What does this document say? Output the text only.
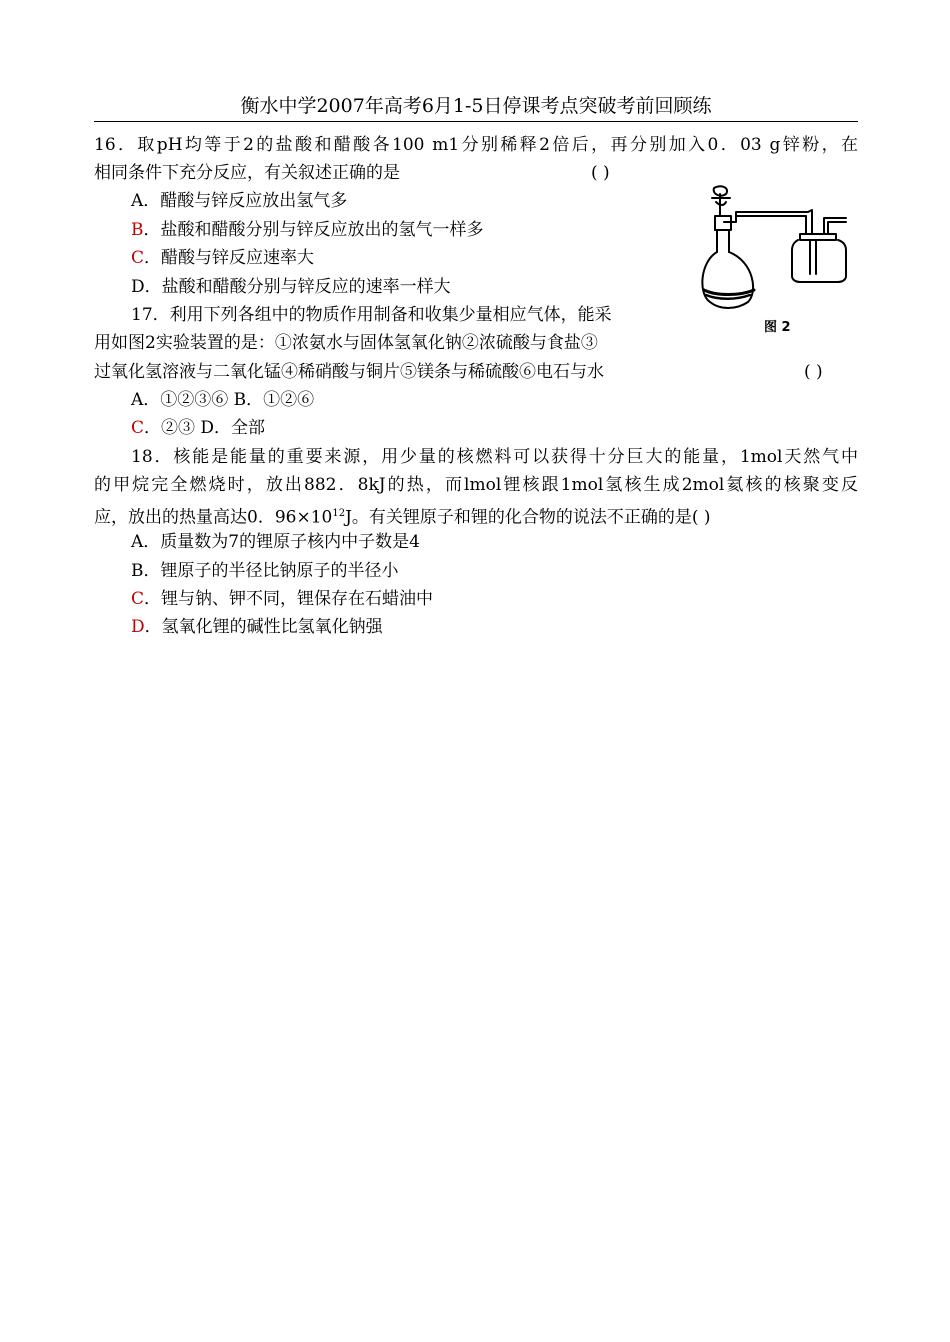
衡水中学2007年高考6月1-5日停课考点突破考前回顾练
16．取pH均等于2的盐酸和醋酸各100 m1分别稀释2倍后，再分别加入0．03 g锌粉，在
相同条件下充分反应，有关叙述正确的是	( )
A．醋酸与锌反应放出氢气多
B．盐酸和醋酸分别与锌反应放出的氢气一样多
C．醋酸与锌反应速率大
D．盐酸和醋酸分别与锌反应的速率一样大
图 2
17．利用下列各组中的物质作用制备和收集少量相应气体，能采
用如图2实验装置的是：①浓氨水与固体氢氧化钠②浓硫酸与食盐③
过氧化氢溶液与二氧化锰④稀硝酸与铜片⑤镁条与稀硫酸⑥电石与水	( )
A．①②③⑥ B．①②⑥
C．②③ D．全部
18．核能是能量的重要来源，用少量的核燃料可以获得十分巨大的能量，1mol天然气中
的甲烷完全燃烧时，放出882．8kJ的热，而lmol锂核跟1mol氢核生成2mol氦核的核聚变反
应，放出的热量高达0．$96\times 10^{12}J$。有关锂原子和锂的化合物的说法不正确的是( )
A．质量数为7的锂原子核内中子数是4
B．锂原子的半径比钠原子的半径小
C．锂与钠、钾不同，锂保存在石蜡油中
D．氢氧化锂的碱性比氢氧化钠强
